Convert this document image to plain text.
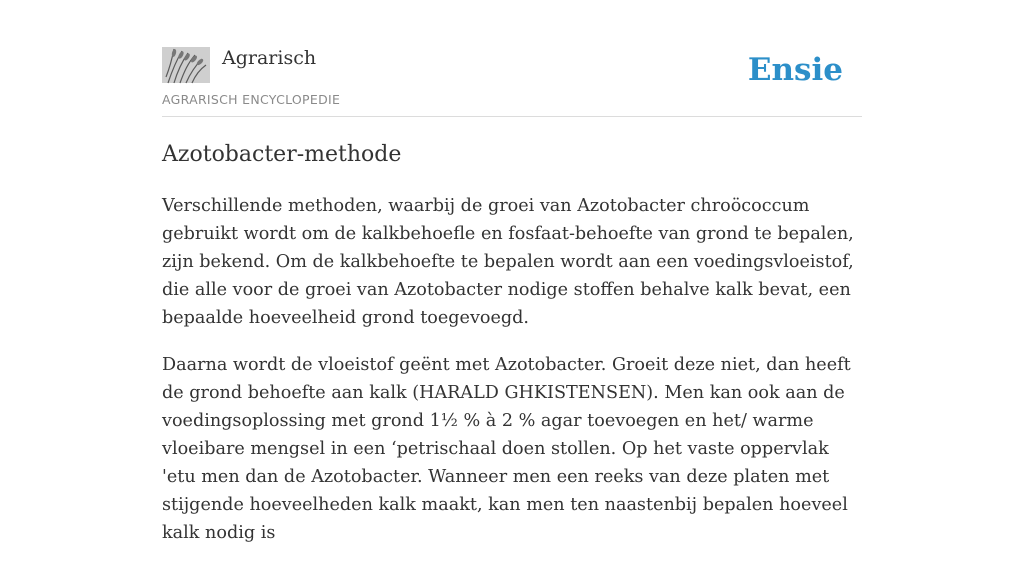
Agrarisch
AGRARISCH ENCYCLOPEDIE
Ensie
Azotobacter-methode

Verschillende methoden, waarbij de groei van Azotobacter chroöcoccum gebruikt wordt om de kalkbehoefle en fosfaat-behoefte van grond te bepalen, zijn bekend. Om de kalkbehoefte te bepalen wordt aan een voedingsvloeistof, die alle voor de groei van Azotobacter nodige stoffen behalve kalk bevat, een bepaalde hoeveelheid grond toegevoegd.

Daarna wordt de vloeistof geënt met Azotobacter. Groeit deze niet, dan heeft de grond behoefte aan kalk (HARALD GHKISTENSEN). Men kan ook aan de voedingsoplossing met grond 1½ % à 2 % agar toevoegen en het/ warme vloeibare mengsel in een ‘petrischaal doen stollen. Op het vaste oppervlak 'etu men dan de Azotobacter. Wanneer men een reeks van deze platen met stijgende hoeveelheden kalk maakt, kan men ten naastenbij bepalen hoeveel kalk nodig is
